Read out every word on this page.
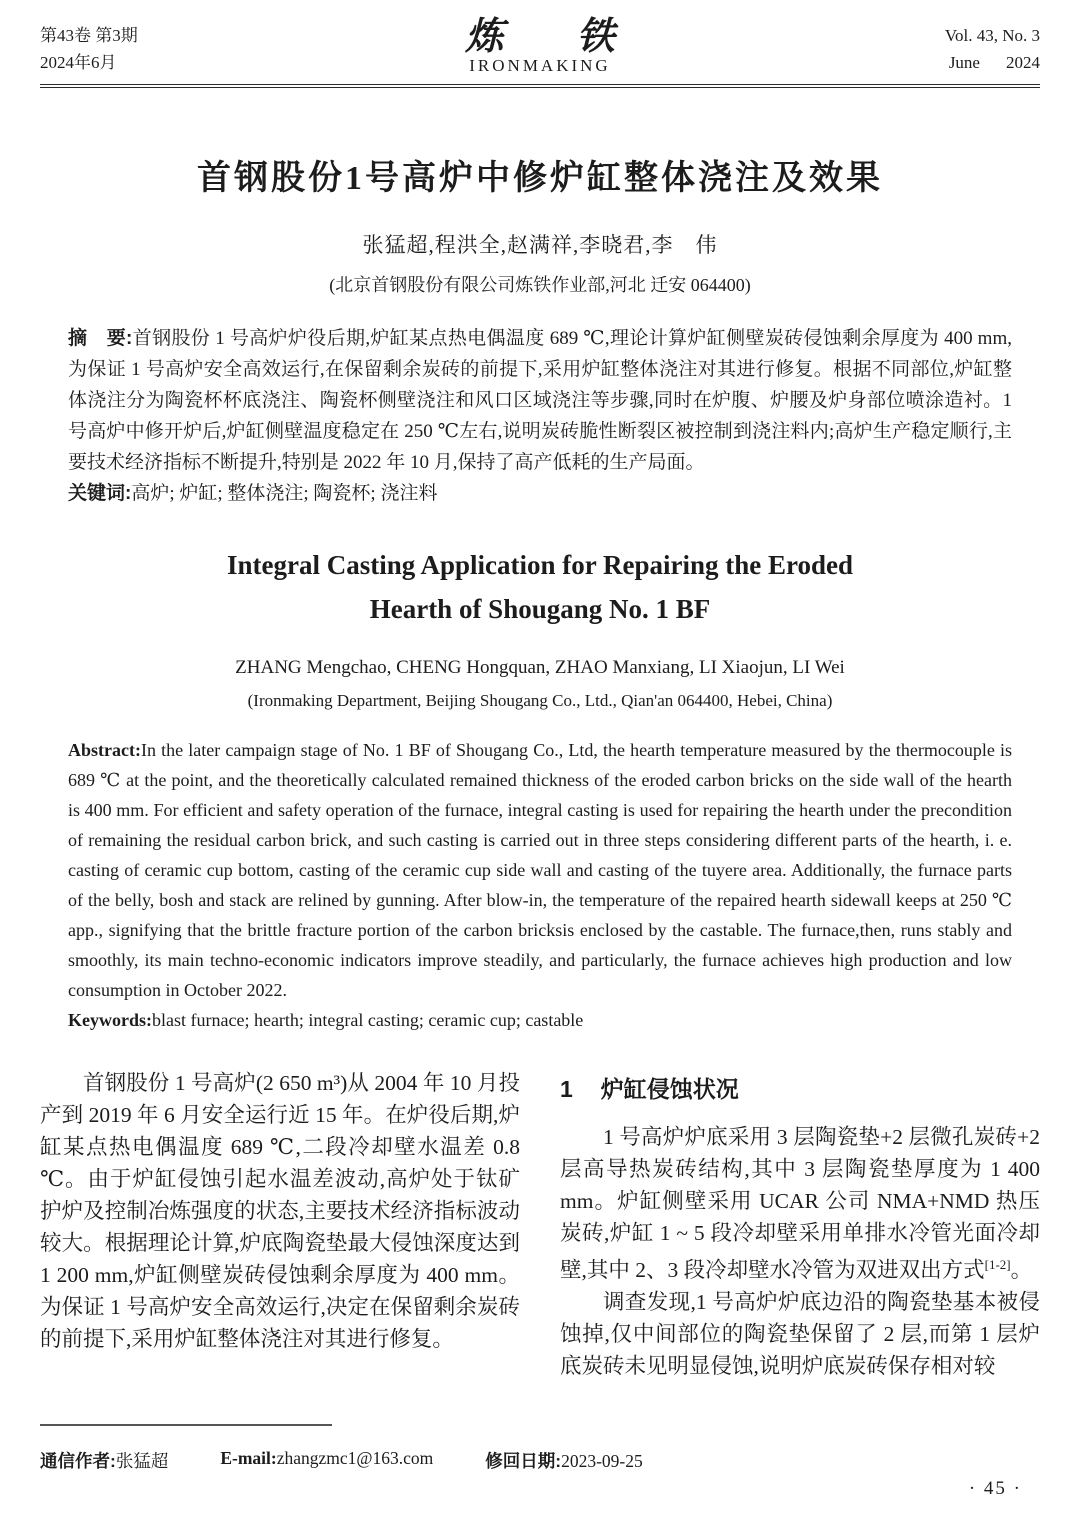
第43卷 第3期
2024年6月
炼 铁
IRONMAKING
Vol. 43, No. 3
June 2024
首钢股份1号高炉中修炉缸整体浇注及效果
张猛超,程洪全,赵满祥,李晓君,李　伟
(北京首钢股份有限公司炼铁作业部,河北 迁安 064400)

摘　要:首钢股份 1 号高炉炉役后期,炉缸某点热电偶温度 689 ℃,理论计算炉缸侧壁炭砖侵蚀剩余厚度为 400 mm,为保证 1 号高炉安全高效运行,在保留剩余炭砖的前提下,采用炉缸整体浇注对其进行修复。根据不同部位,炉缸整体浇注分为陶瓷杯杯底浇注、陶瓷杯侧壁浇注和风口区域浇注等步骤,同时在炉腹、炉腰及炉身部位喷涂造衬。1 号高炉中修开炉后,炉缸侧壁温度稳定在 250 ℃左右,说明炭砖脆性断裂区被控制到浇注料内;高炉生产稳定顺行,主要技术经济指标不断提升,特别是 2022 年 10 月,保持了高产低耗的生产局面。

关键词:高炉; 炉缸; 整体浇注; 陶瓷杯; 浇注料

Integral Casting Application for Repairing the Eroded
Hearth of Shougang No. 1 BF
ZHANG Mengchao, CHENG Hongquan, ZHAO Manxiang, LI Xiaojun, LI Wei
(Ironmaking Department, Beijing Shougang Co., Ltd., Qian'an 064400, Hebei, China)

Abstract:In the later campaign stage of No. 1 BF of Shougang Co., Ltd, the hearth temperature measured by the thermocouple is 689 ℃ at the point, and the theoretically calculated remained thickness of the eroded carbon bricks on the side wall of the hearth is 400 mm. For efficient and safety operation of the furnace, integral casting is used for repairing the hearth under the precondition of remaining the residual carbon brick, and such casting is carried out in three steps considering different parts of the hearth, i. e. casting of ceramic cup bottom, casting of the ceramic cup side wall and casting of the tuyere area. Additionally, the furnace parts of the belly, bosh and stack are relined by gunning. After blow-in, the temperature of the repaired hearth sidewall keeps at 250 ℃ app., signifying that the brittle fracture portion of the carbon bricksis enclosed by the castable. The furnace,then, runs stably and smoothly, its main techno-economic indicators improve steadily, and particularly, the furnace achieves high production and low consumption in October 2022.

Keywords:blast furnace; hearth; integral casting; ceramic cup; castable

首钢股份 1 号高炉(2 650 m³)从 2004 年 10 月投产到 2019 年 6 月安全运行近 15 年。在炉役后期,炉缸某点热电偶温度 689 ℃,二段冷却壁水温差 0.8 ℃。由于炉缸侵蚀引起水温差波动,高炉处于钛矿护炉及控制冶炼强度的状态,主要技术经济指标波动较大。根据理论计算,炉底陶瓷垫最大侵蚀深度达到 1 200 mm,炉缸侧壁炭砖侵蚀剩余厚度为 400 mm。为保证 1 号高炉安全高效运行,决定在保留剩余炭砖的前提下,采用炉缸整体浇注对其进行修复。

1 炉缸侵蚀状况

1 号高炉炉底采用 3 层陶瓷垫+2 层微孔炭砖+2 层高导热炭砖结构,其中 3 层陶瓷垫厚度为 1 400 mm。炉缸侧壁采用 UCAR 公司 NMA+NMD 热压炭砖,炉缸 1 ~ 5 段冷却壁采用单排水冷管光面冷却壁,其中 2、3 段冷却壁水冷管为双进双出方式[1-2]。

调查发现,1 号高炉炉底边沿的陶瓷垫基本被侵蚀掉,仅中间部位的陶瓷垫保留了 2 层,而第 1 层炉底炭砖未见明显侵蚀,说明炉底炭砖保存相对较

通信作者:张猛超	E-mail:zhangzmc1@163.com	修回日期:2023-09-25
· 45 ·
